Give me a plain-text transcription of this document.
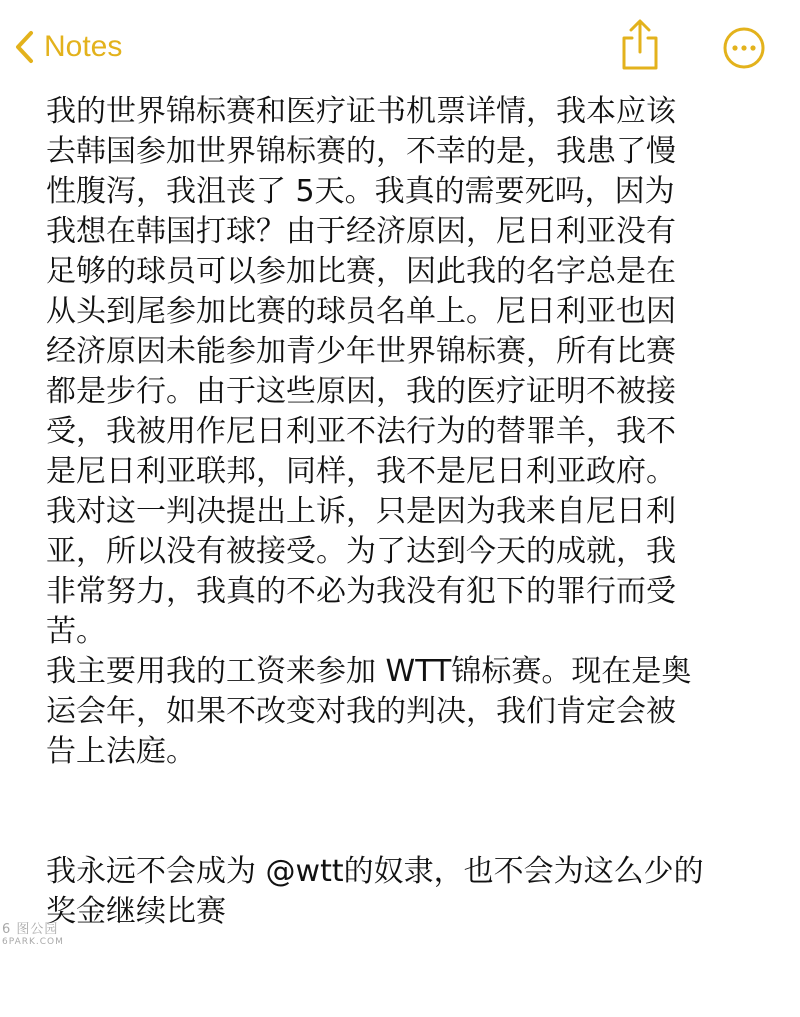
Notes
我的世界锦标赛和医疗证书机票详情，我本应该
去韩国参加世界锦标赛的，不幸的是，我患了慢
性腹泻，我沮丧了 5天。我真的需要死吗，因为
我想在韩国打球？由于经济原因，尼日利亚没有
足够的球员可以参加比赛，因此我的名字总是在
从头到尾参加比赛的球员名单上。尼日利亚也因
经济原因未能参加青少年世界锦标赛，所有比赛
都是步行。由于这些原因，我的医疗证明不被接
受，我被用作尼日利亚不法行为的替罪羊，我不
是尼日利亚联邦，同样，我不是尼日利亚政府。
我对这一判决提出上诉，只是因为我来自尼日利
亚，所以没有被接受。为了达到今天的成就，我
非常努力，我真的不必为我没有犯下的罪行而受
苦。
我主要用我的工资来参加 WTT锦标赛。现在是奥
运会年，如果不改变对我的判决，我们肯定会被
告上法庭。
我永远不会成为 @wtt的奴隶，也不会为这么少的
奖金继续比赛
6 图公园
6PARK.COM
